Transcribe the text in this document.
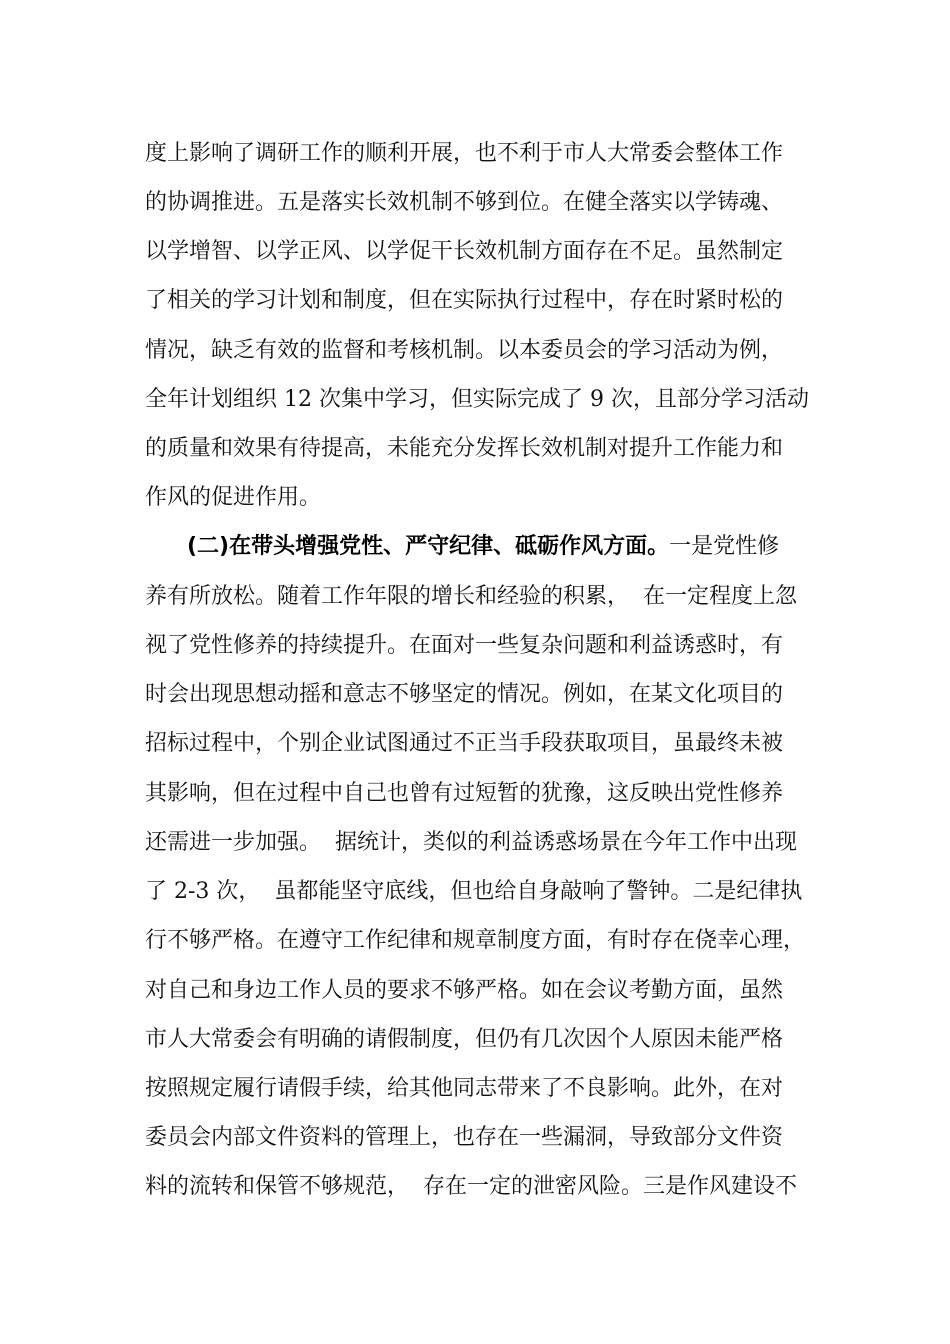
度上影响了调研工作的顺利开展，也不利于市人大常委会整体工作
的协调推进。五是落实长效机制不够到位。在健全落实以学铸魂、
以学增智、以学正风、以学促干长效机制方面存在不足。虽然制定
了相关的学习计划和制度，但在实际执行过程中，存在时紧时松的
情况，缺乏有效的监督和考核机制。以本委员会的学习活动为例，
全年计划组织 12 次集中学习，但实际完成了 9 次，且部分学习活动
的质量和效果有待提高，未能充分发挥长效机制对提升工作能力和
作风的促进作用。
(二)在带头增强党性、严守纪律、砥砺作风方面。一是党性修
养有所放松。随着工作年限的增长和经验的积累，  在一定程度上忽
视了党性修养的持续提升。在面对一些复杂问题和利益诱惑时，有
时会出现思想动摇和意志不够坚定的情况。例如，在某文化项目的
招标过程中，个别企业试图通过不正当手段获取项目，虽最终未被
其影响，但在过程中自己也曾有过短暂的犹豫，这反映出党性修养
还需进一步加强。  据统计，类似的利益诱惑场景在今年工作中出现
了 2-3 次，  虽都能坚守底线，但也给自身敲响了警钟。二是纪律执
行不够严格。在遵守工作纪律和规章制度方面，有时存在侥幸心理，
对自己和身边工作人员的要求不够严格。如在会议考勤方面，虽然
市人大常委会有明确的请假制度，但仍有几次因个人原因未能严格
按照规定履行请假手续，给其他同志带来了不良影响。此外，在对
委员会内部文件资料的管理上，也存在一些漏洞，导致部分文件资
料的流转和保管不够规范，  存在一定的泄密风险。三是作风建设不
